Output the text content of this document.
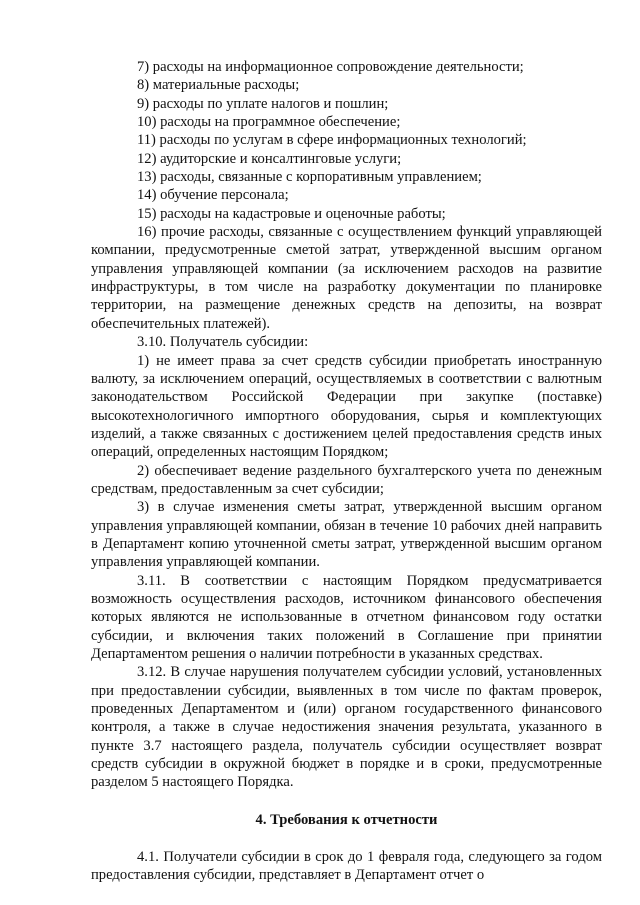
7) расходы на информационное сопровождение деятельности;

8) материальные расходы;

9) расходы по уплате налогов и пошлин;

10) расходы на программное обеспечение;

11) расходы по услугам в сфере информационных технологий;

12) аудиторские и консалтинговые услуги;

13) расходы, связанные с корпоративным управлением;

14) обучение персонала;

15) расходы на кадастровые и оценочные работы;

16) прочие расходы, связанные с осуществлением функций управляющей компании, предусмотренные сметой затрат, утвержденной высшим органом управления управляющей компании (за исключением расходов на развитие инфраструктуры, в том числе на разработку документации по планировке территории, на размещение денежных средств на депозиты, на возврат обеспечительных платежей).

3.10. Получатель субсидии:

1) не имеет права за счет средств субсидии приобретать иностранную валюту, за исключением операций, осуществляемых в соответствии с валютным законодательством Российской Федерации при закупке (поставке) высокотехнологичного импортного оборудования, сырья и комплектующих изделий, а также связанных с достижением целей предоставления средств иных операций, определенных настоящим Порядком;

2) обеспечивает ведение раздельного бухгалтерского учета по денежным средствам, предоставленным за счет субсидии;

3) в случае изменения сметы затрат, утвержденной высшим органом управления управляющей компании, обязан в течение 10 рабочих дней направить в Департамент копию уточненной сметы затрат, утвержденной высшим органом управления управляющей компании.

3.11. В соответствии с настоящим Порядком предусматривается возможность осуществления расходов, источником финансового обеспечения которых являются не использованные в отчетном финансовом году остатки субсидии, и включения таких положений в Соглашение при принятии Департаментом решения о наличии потребности в указанных средствах.

3.12. В случае нарушения получателем субсидии условий, установленных при предоставлении субсидии, выявленных в том числе по фактам проверок, проведенных Департаментом и (или) органом государственного финансового контроля, а также в случае недостижения значения результата, указанного в пункте 3.7 настоящего раздела, получатель субсидии осуществляет возврат средств субсидии в окружной бюджет в порядке и в сроки, предусмотренные разделом 5 настоящего Порядка.

4. Требования к отчетности

4.1. Получатели субсидии в срок до 1 февраля года, следующего за годом предоставления субсидии, представляет в Департамент отчет о
